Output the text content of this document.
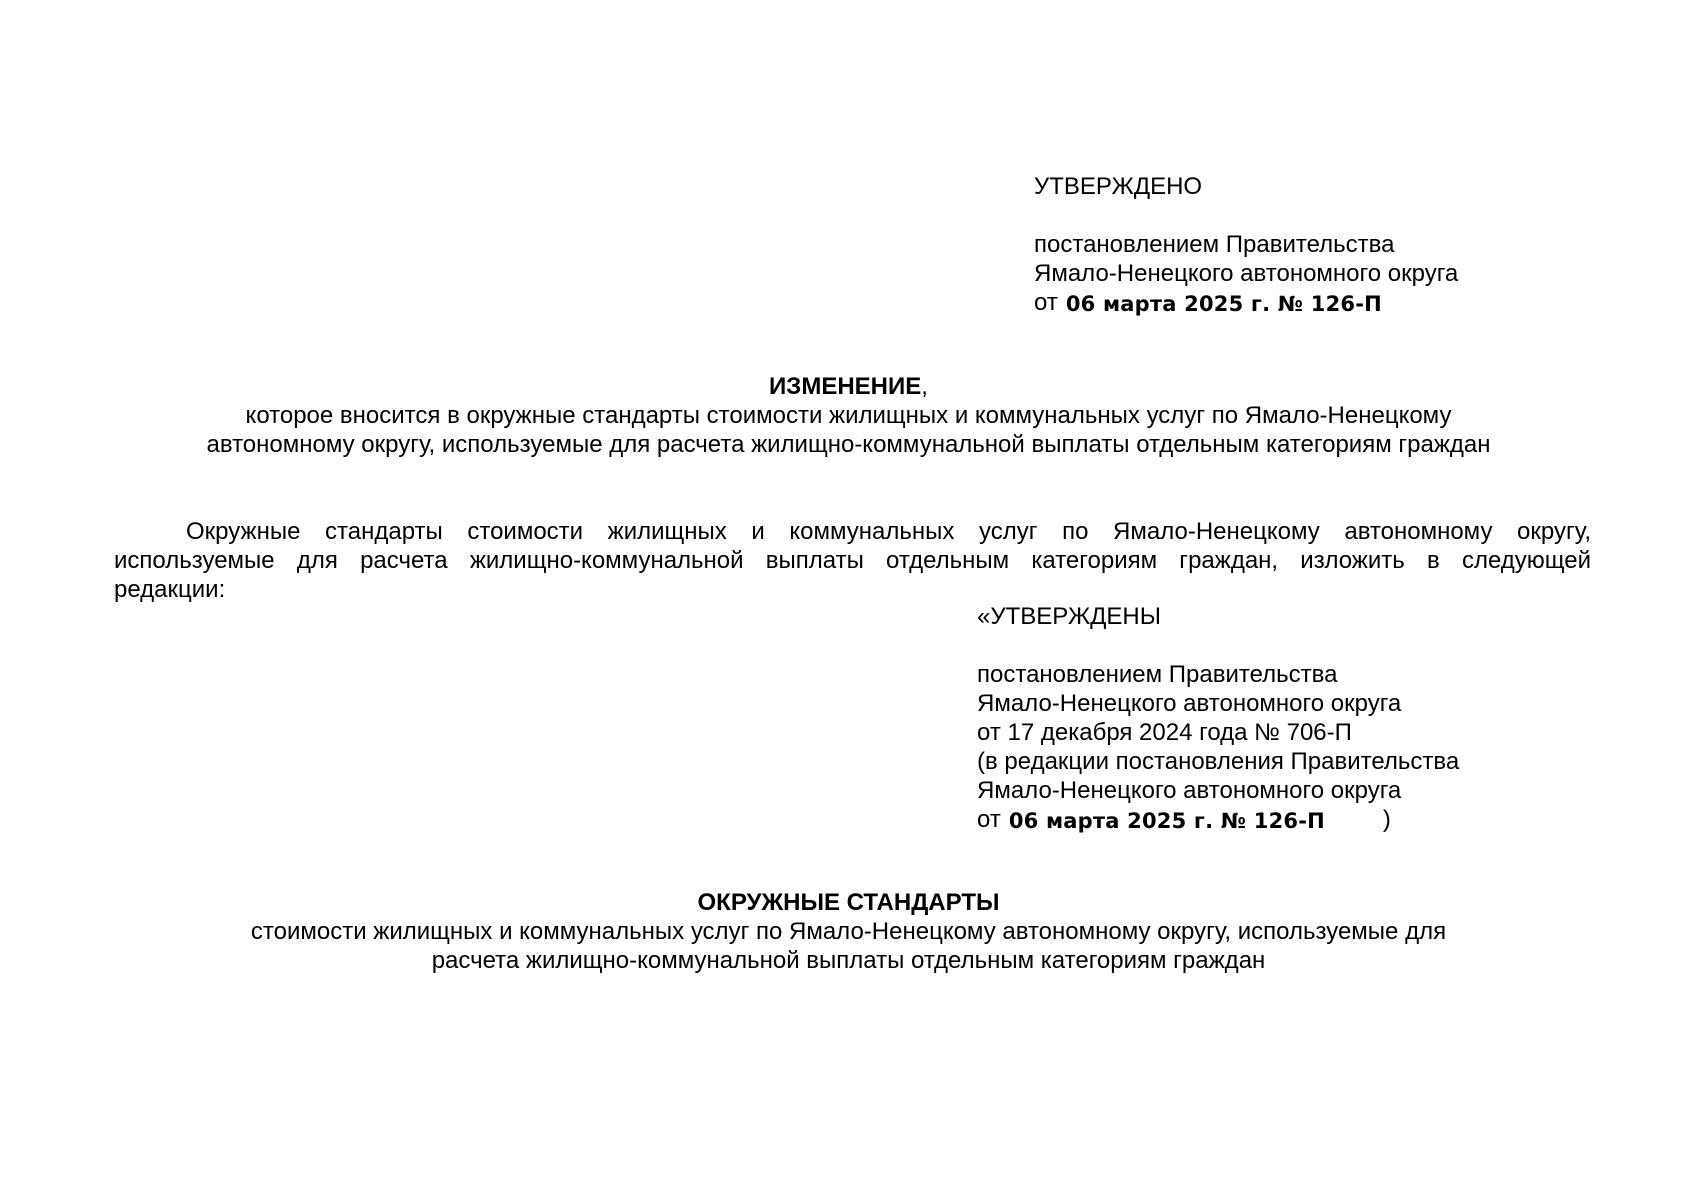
УТВЕРЖДЕНО
постановлением Правительства
Ямало-Ненецкого автономного округа
от 06 марта 2025 г. № 126-П
ИЗМЕНЕНИЕ,
которое вносится в окружные стандарты стоимости жилищных и коммунальных услуг по Ямало-Ненецкому
автономному округу, используемые для расчета жилищно-коммунальной выплаты отдельным категориям граждан
Окружные стандарты стоимости жилищных и коммунальных услуг по Ямало-Ненецкому автономному округу,
используемые для расчета жилищно-коммунальной выплаты отдельным категориям граждан, изложить в следующей
редакции:
«УТВЕРЖДЕНЫ
постановлением Правительства
Ямало-Ненецкого автономного округа
от 17 декабря 2024 года № 706-П
(в редакции постановления Правительства
Ямало-Ненецкого автономного округа
от 06 марта 2025 г. № 126-П )
ОКРУЖНЫЕ СТАНДАРТЫ
стоимости жилищных и коммунальных услуг по Ямало-Ненецкому автономному округу, используемые для
расчета жилищно-коммунальной выплаты отдельным категориям граждан
